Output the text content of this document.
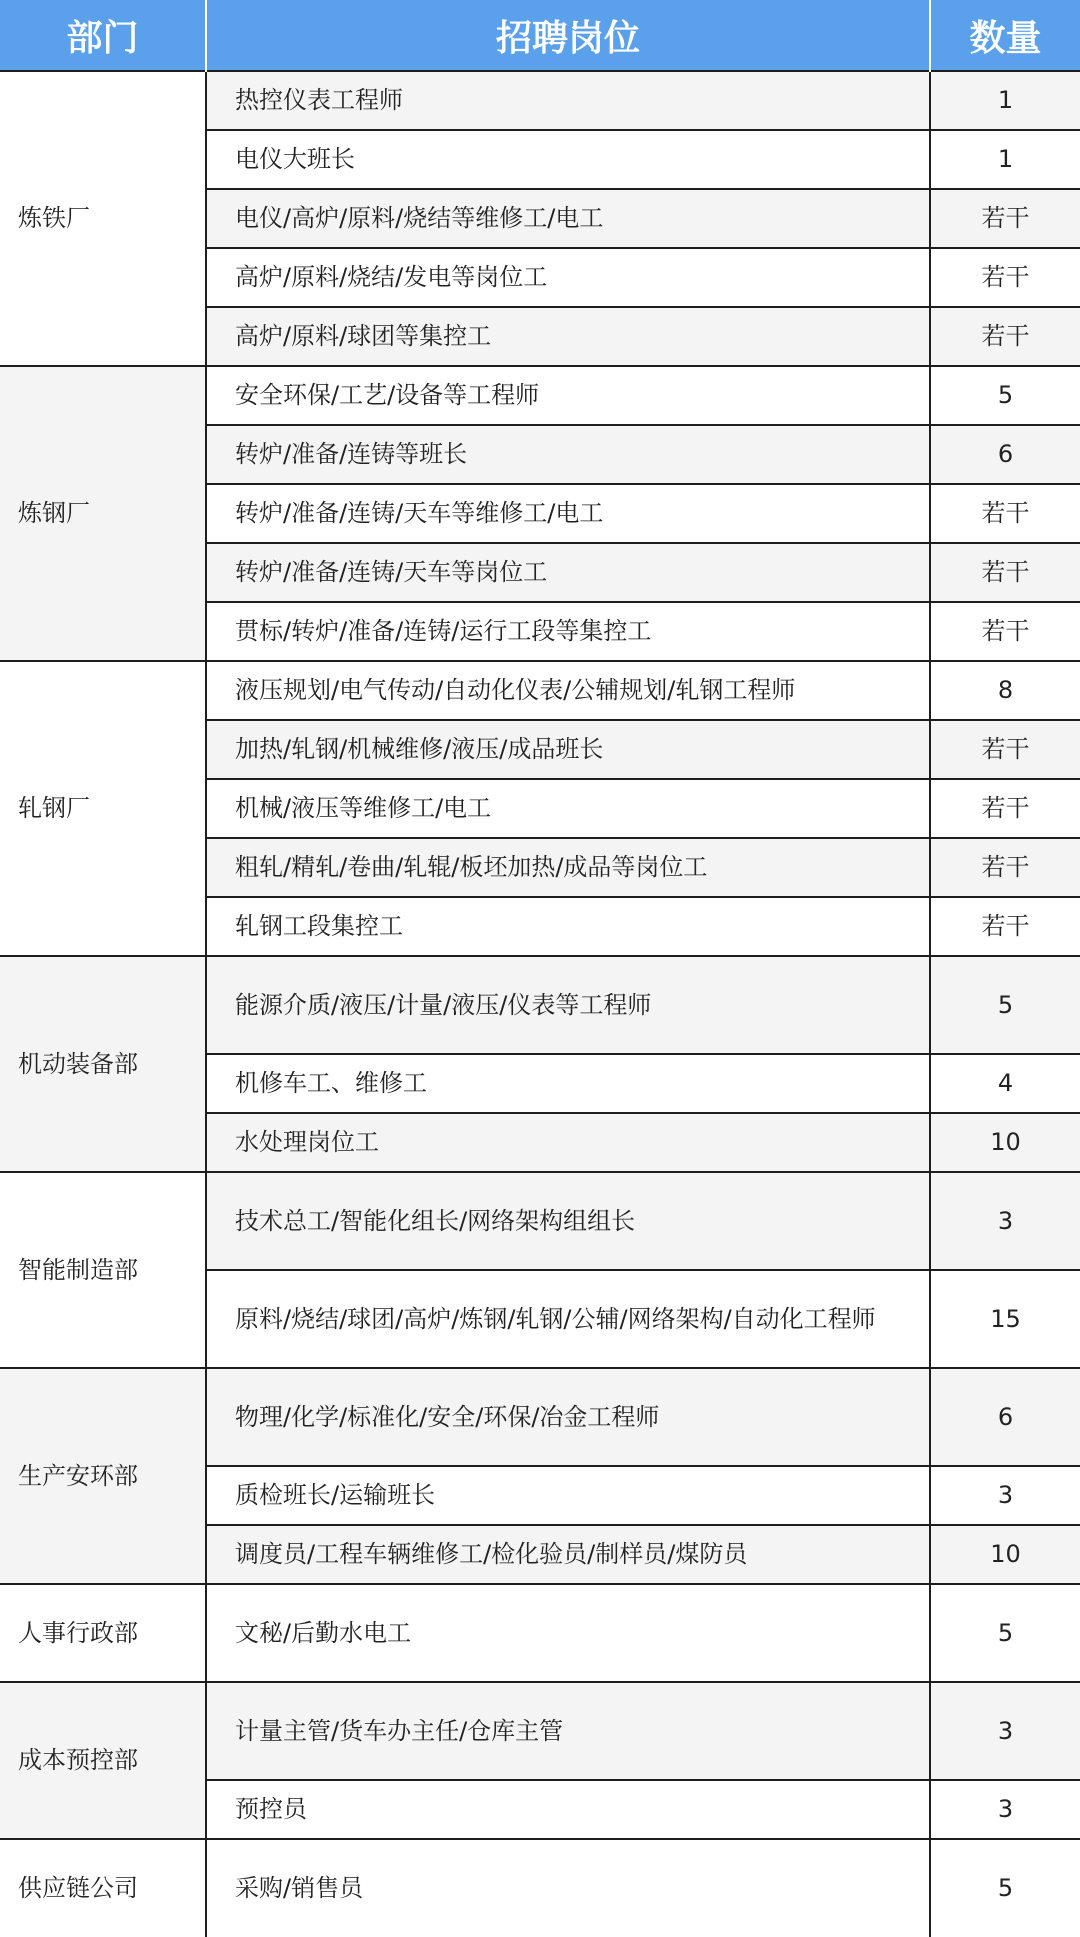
部门	招聘岗位	数量
炼铁厂	热控仪表工程师	1
	电仪大班长	1
	电仪/高炉/原料/烧结等维修工/电工	若干
	高炉/原料/烧结/发电等岗位工	若干
	高炉/原料/球团等集控工	若干
炼钢厂	安全环保/工艺/设备等工程师	5
	转炉/准备/连铸等班长	6
	转炉/准备/连铸/天车等维修工/电工	若干
	转炉/准备/连铸/天车等岗位工	若干
	贯标/转炉/准备/连铸/运行工段等集控工	若干
轧钢厂	液压规划/电气传动/自动化仪表/公辅规划/轧钢工程师	8
	加热/轧钢/机械维修/液压/成品班长	若干
	机械/液压等维修工/电工	若干
	粗轧/精轧/卷曲/轧辊/板坯加热/成品等岗位工	若干
	轧钢工段集控工	若干
机动装备部	能源介质/液压/计量/液压/仪表等工程师	5
	机修车工、维修工	4
	水处理岗位工	10
智能制造部	技术总工/智能化组长/网络架构组组长	3
	原料/烧结/球团/高炉/炼钢/轧钢/公辅/网络架构/自动化工程师	15
生产安环部	物理/化学/标准化/安全/环保/冶金工程师	6
	质检班长/运输班长	3
	调度员/工程车辆维修工/检化验员/制样员/煤防员	10
人事行政部	文秘/后勤水电工	5
成本预控部	计量主管/货车办主任/仓库主管	3
	预控员	3
供应链公司	采购/销售员	5
